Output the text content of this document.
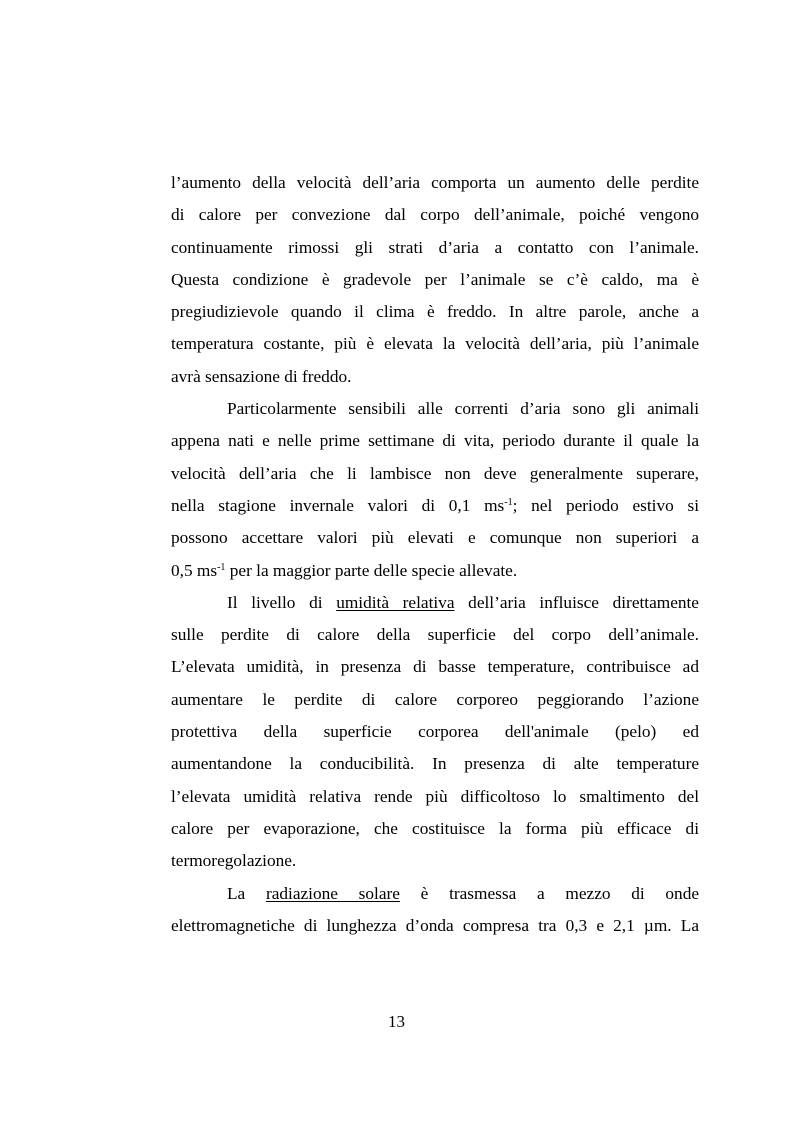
l’aumento della velocità dell’aria comporta un aumento delle perdite
di calore per convezione dal corpo dell’animale, poiché vengono
continuamente rimossi gli strati d’aria a contatto con l’animale.
Questa condizione è gradevole per l’animale se c’è caldo, ma è
pregiudizievole quando il clima è freddo. In altre parole, anche a
temperatura costante, più è elevata la velocità dell’aria, più l’animale
avrà sensazione di freddo.
Particolarmente sensibili alle correnti d’aria sono gli animali
appena nati e nelle prime settimane di vita, periodo durante il quale la
velocità dell’aria che li lambisce non deve generalmente superare,
nella stagione invernale valori di 0,1 $ms^{-1}$; nel periodo estivo si
possono accettare valori più elevati e comunque non superiori a
0,5 $ms^{-1}$ per la maggior parte delle specie allevate.
Il livello di umidità relativa dell’aria influisce direttamente
sulle perdite di calore della superficie del corpo dell’animale.
L’elevata umidità, in presenza di basse temperature, contribuisce ad
aumentare le perdite di calore corporeo peggiorando l’azione
protettiva della superficie corporea dell'animale (pelo) ed
aumentandone la conducibilità. In presenza di alte temperature
l’elevata umidità relativa rende più difficoltoso lo smaltimento del
calore per evaporazione, che costituisce la forma più efficace di
termoregolazione.
La radiazione solare è trasmessa a mezzo di onde
elettromagnetiche di lunghezza d’onda compresa tra 0,3 e 2,1 µm. La
13
